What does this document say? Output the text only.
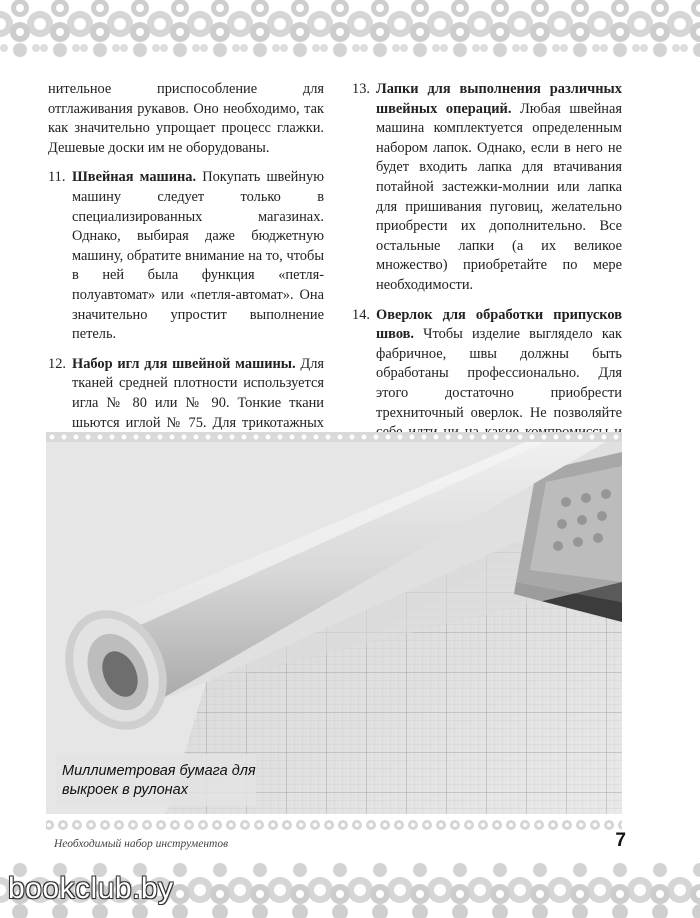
нительное приспособление для отглаживания рукавов. Оно необходимо, так как значительно упрощает процесс глажки. Дешевые доски им не оборудованы.

11. Швейная машина. Покупать швейную машину следует только в специализированных магазинах. Однако, выбирая даже бюджетную машину, обратите внимание на то, чтобы в ней была функция «петля-полуавтомат» или «петля-автомат». Она значительно упростит выполнение петель.

12. Набор игл для швейной машины. Для тканей средней плотности используется игла № 80 или № 90. Тонкие ткани шьются иглой № 75. Для трикотажных

13. Лапки для выполнения различных швейных операций. Любая швейная машина комплектуется определенным набором лапок. Однако, если в него не будет входить лапка для втачивания потайной застежки-молнии или лапка для пришивания пуговиц, желательно приобрести их дополнительно. Все остальные лапки (а их великое множество) приобретайте по мере необходимости.

14. Оверлок для обработки припусков швов. Чтобы изделие выглядело как фабричное, швы должны быть обработаны профессионально. Для этого достаточно приобрести трехниточный оверлок. Не позволяйте

Миллиметровая бумага для
выкроек в рулонах
Необходимый набор инструментов	7
bookclub.by
